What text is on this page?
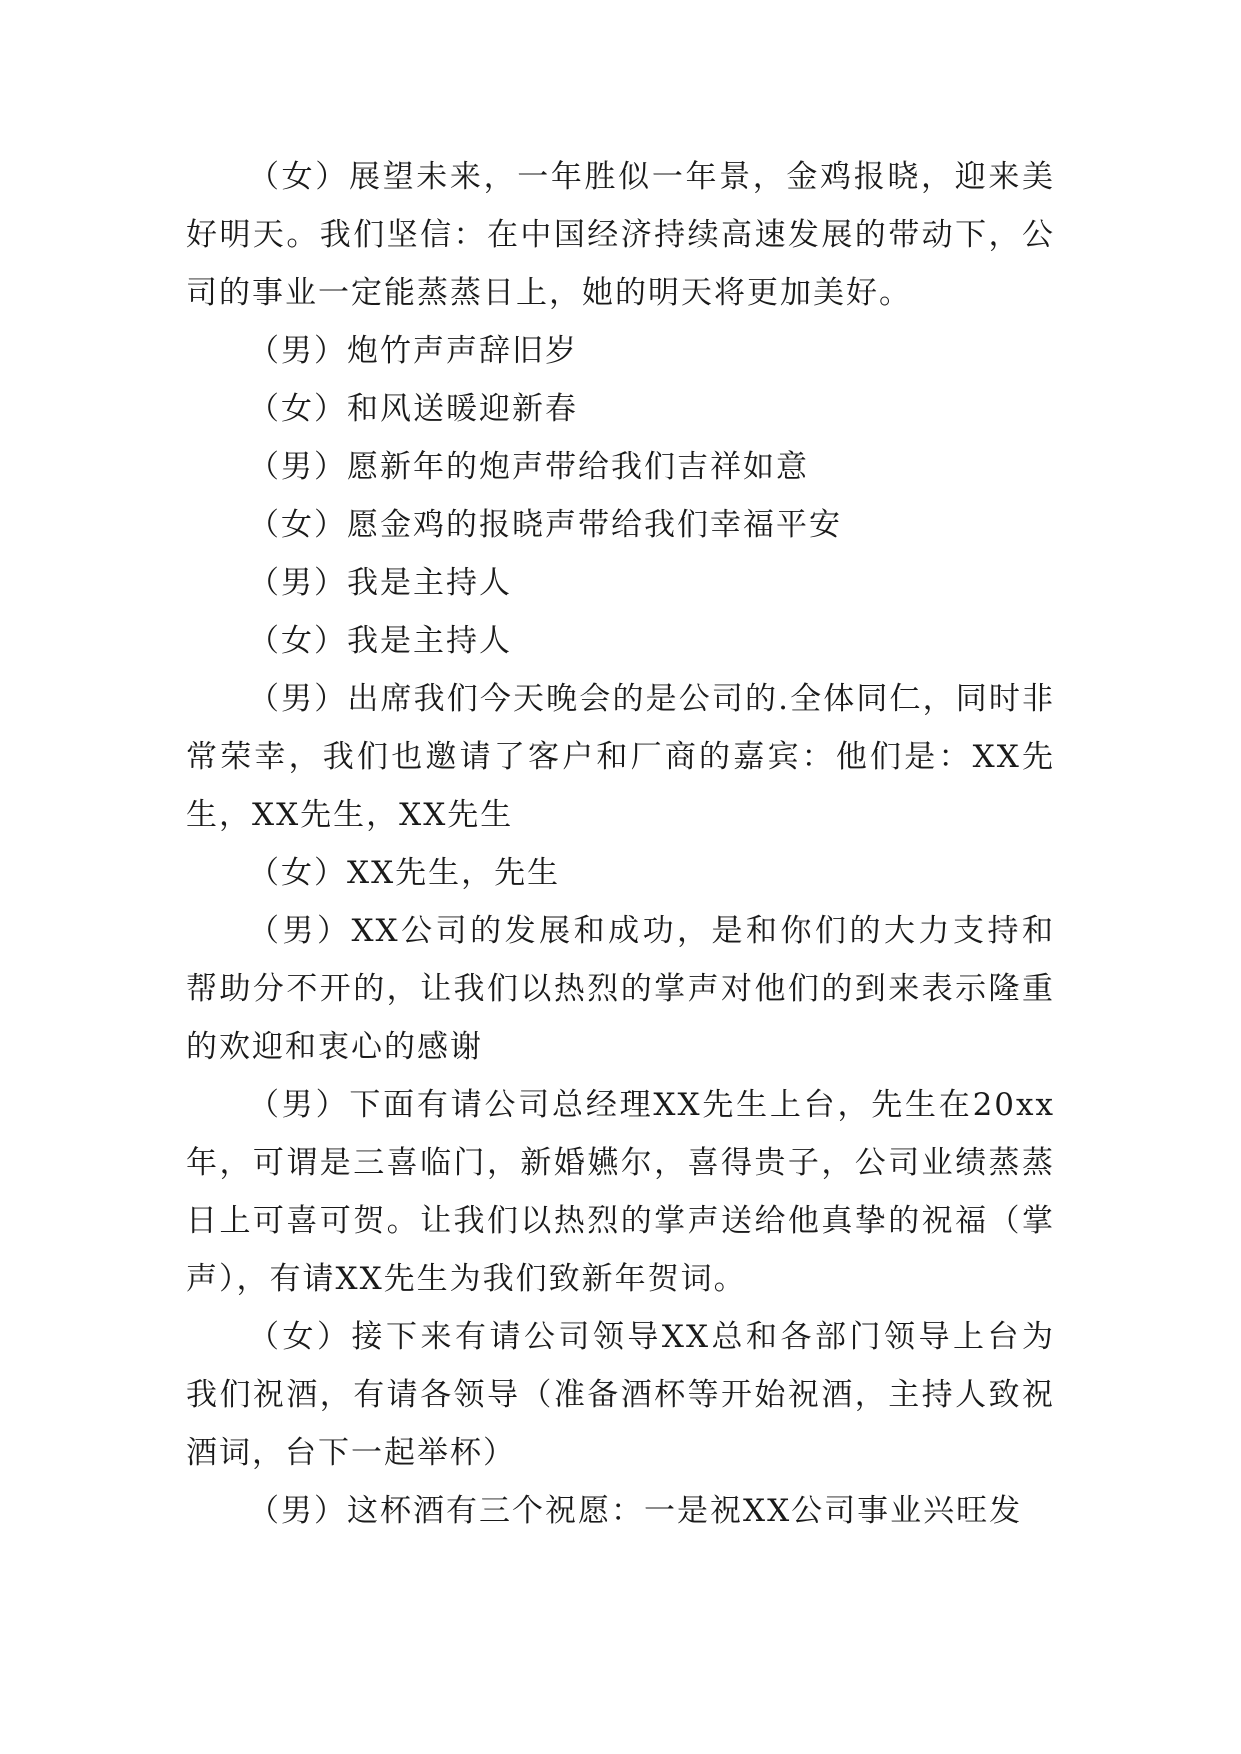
（女）展望未来，一年胜似一年景，金鸡报晓，迎来美好明天。我们坚信：在中国经济持续高速发展的带动下，公司的事业一定能蒸蒸日上，她的明天将更加美好。

（男）炮竹声声辞旧岁

（女）和风送暖迎新春

（男）愿新年的炮声带给我们吉祥如意

（女）愿金鸡的报晓声带给我们幸福平安

（男）我是主持人

（女）我是主持人

（男）出席我们今天晚会的是公司的.全体同仁，同时非常荣幸，我们也邀请了客户和厂商的嘉宾：他们是：XX先生，XX先生，XX先生

（女）XX先生，先生

（男）XX公司的发展和成功，是和你们的大力支持和帮助分不开的，让我们以热烈的掌声对他们的到来表示隆重的欢迎和衷心的感谢

（男）下面有请公司总经理XX先生上台，先生在20xx年，可谓是三喜临门，新婚嬿尔，喜得贵子，公司业绩蒸蒸日上可喜可贺。让我们以热烈的掌声送给他真挚的祝福（掌声），有请XX先生为我们致新年贺词。

（女）接下来有请公司领导XX总和各部门领导上台为我们祝酒，有请各领导（准备酒杯等开始祝酒，主持人致祝酒词，台下一起举杯）

（男）这杯酒有三个祝愿：一是祝XX公司事业兴旺发
